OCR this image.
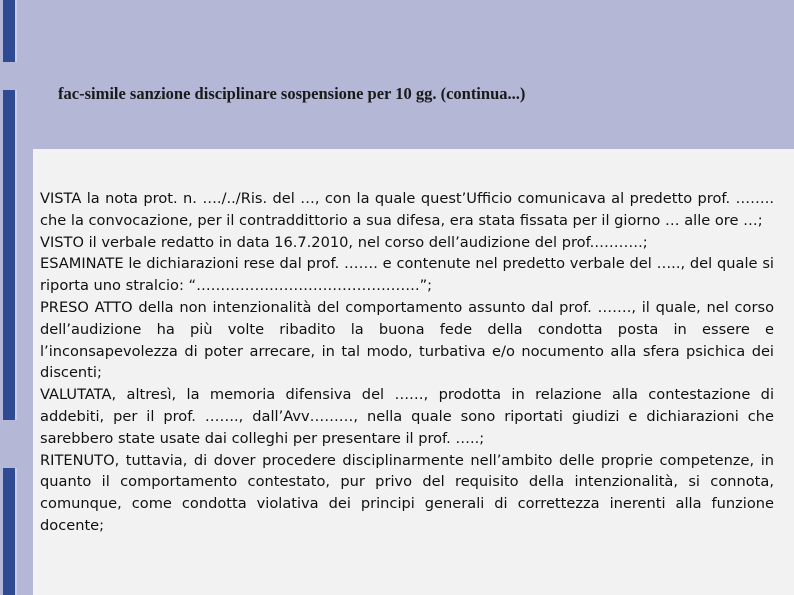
fac-simile sanzione disciplinare sospensione per 10 gg. (continua...)

VISTA la nota prot. n. …./../Ris. del …, con la quale quest’Ufficio comunicava al predetto prof. …….. che la convocazione, per il contraddittorio a sua difesa, era stata fissata per il giorno … alle ore …;

VISTO il verbale redatto in data 16.7.2010, nel corso dell’audizione del prof.……….;

ESAMINATE le dichiarazioni rese dal prof. ……. e contenute nel predetto verbale del ….., del quale si riporta uno stralcio: “……………………………………….”;

PRESO ATTO della non intenzionalità del comportamento assunto dal prof. ……., il quale, nel corso dell’audizione ha più volte ribadito la buona fede della condotta posta in essere e l’inconsapevolezza di poter arrecare, in tal modo, turbativa e/o nocumento alla sfera psichica dei discenti;

VALUTATA, altresì, la memoria difensiva del ……, prodotta in relazione alla contestazione di addebiti, per il prof. ……., dall’Avv………, nella quale sono riportati giudizi e dichiarazioni che sarebbero state usate dai colleghi per presentare il prof. …..;

RITENUTO, tuttavia, di dover procedere disciplinarmente nell’ambito delle proprie competenze, in quanto il comportamento contestato, pur privo del requisito della intenzionalità, si connota, comunque, come condotta violativa dei principi generali di correttezza inerenti alla funzione docente;
